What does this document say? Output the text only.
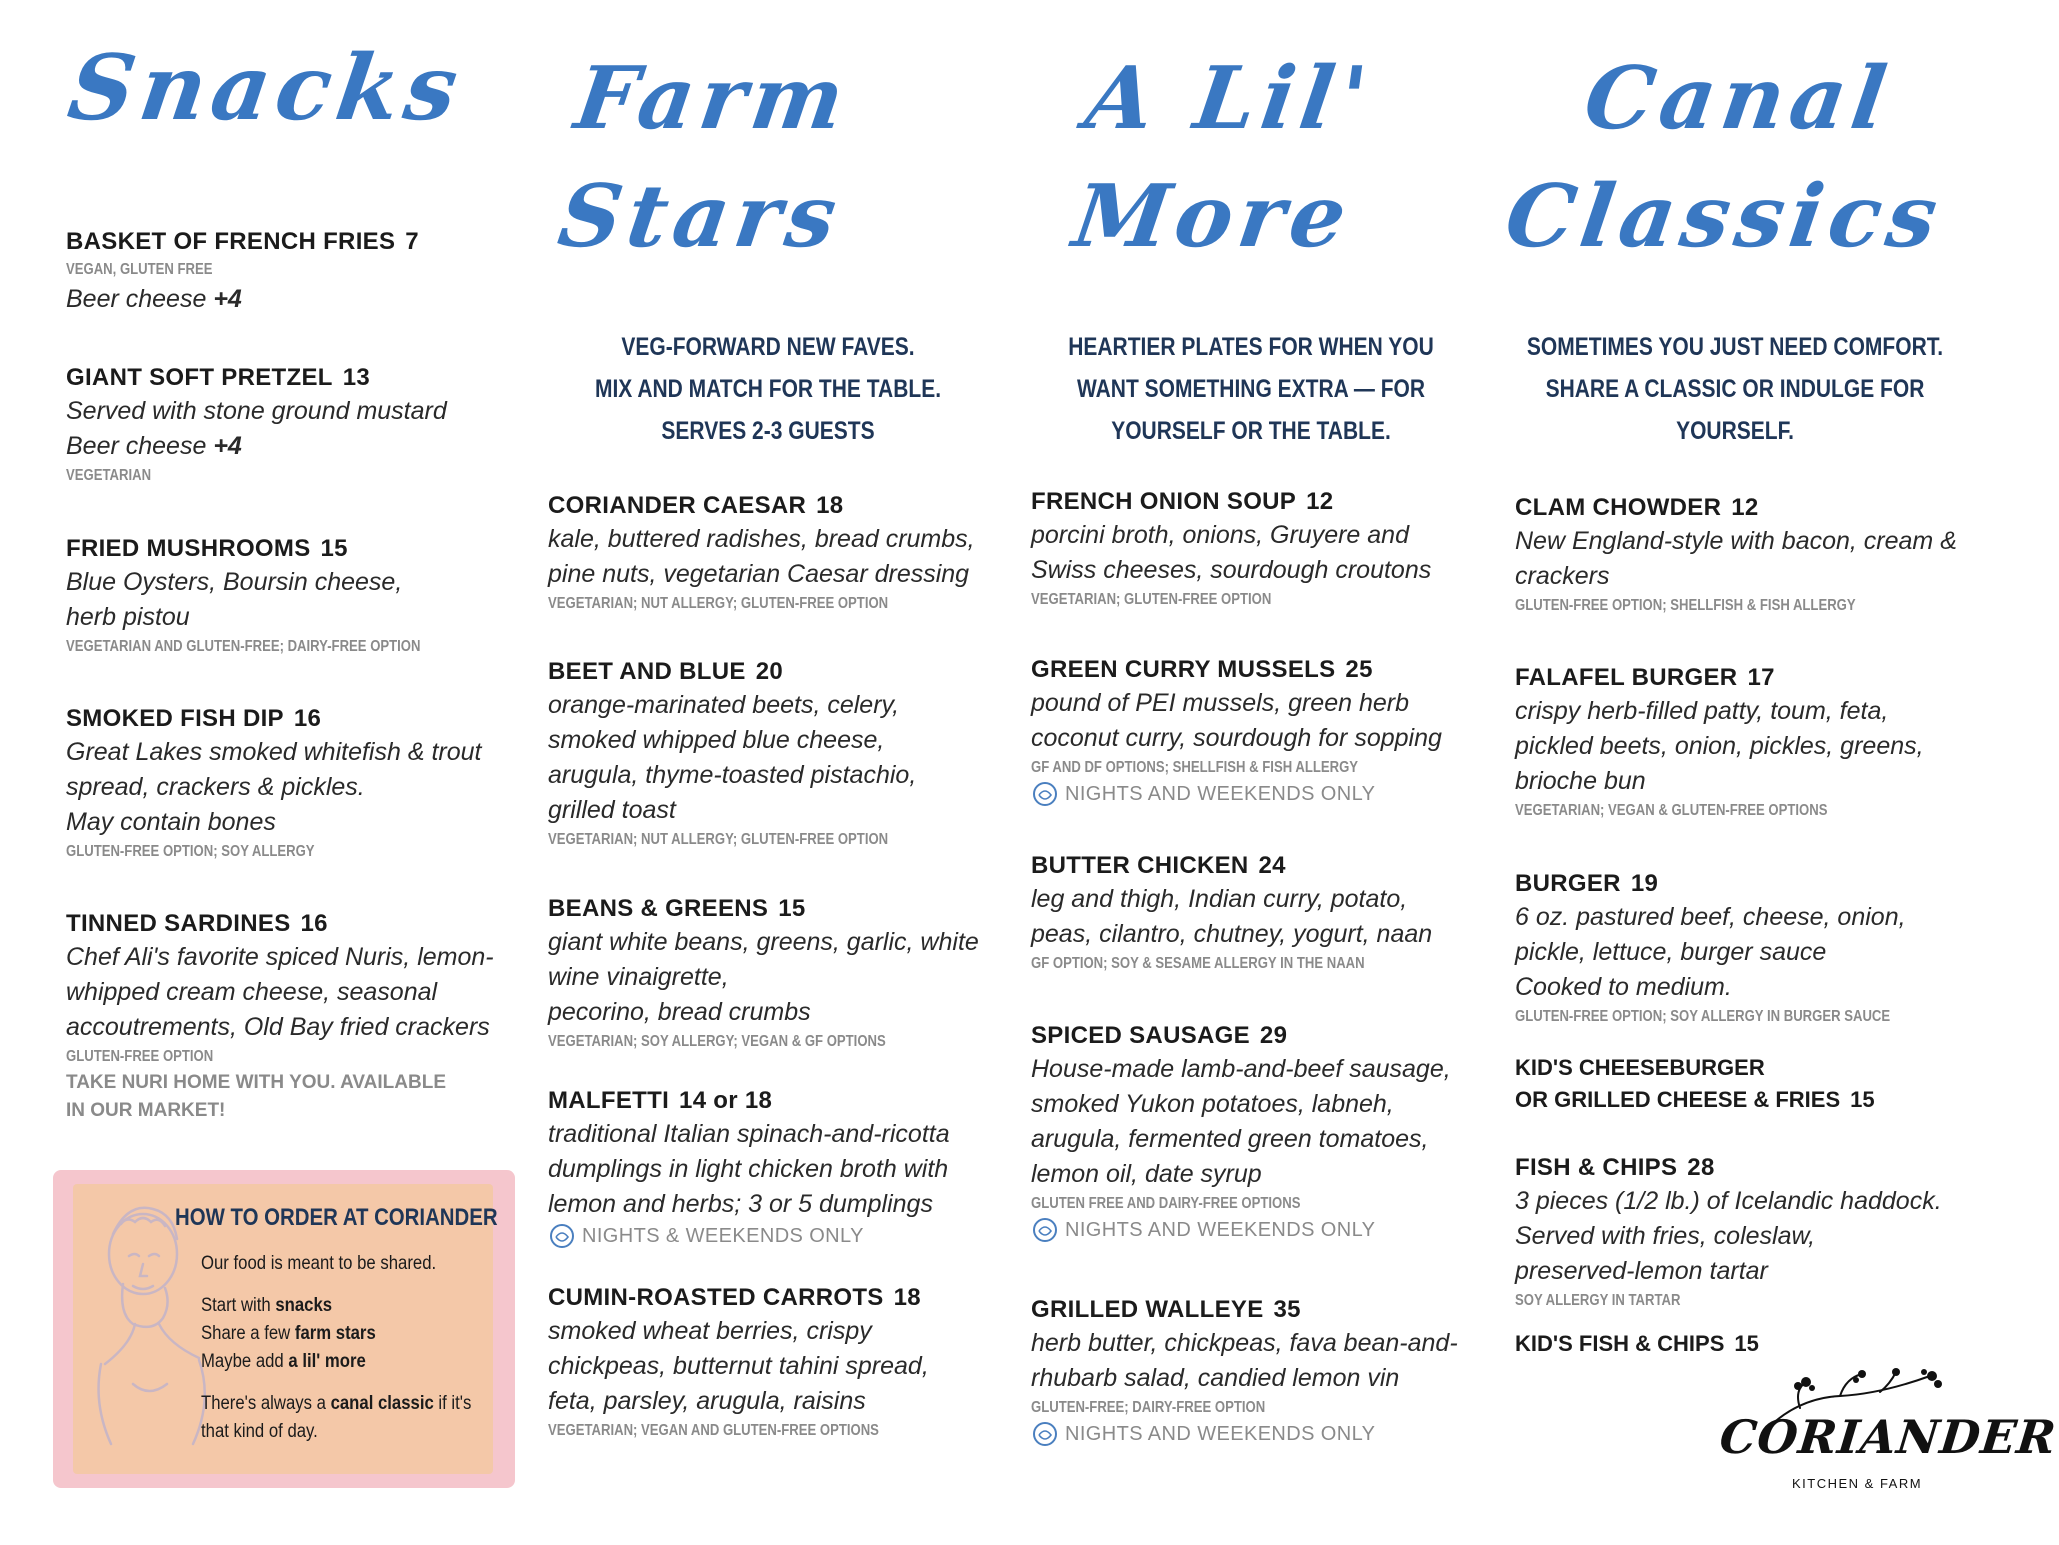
Snacks
BASKET OF FRENCH FRIES 7
VEGAN, GLUTEN FREE
Beer cheese +4
GIANT SOFT PRETZEL 13
Served with stone ground mustard
Beer cheese +4
VEGETARIAN
FRIED MUSHROOMS 15
Blue Oysters, Boursin cheese,
herb pistou
VEGETARIAN AND GLUTEN-FREE; DAIRY-FREE OPTION
SMOKED FISH DIP 16
Great Lakes smoked whitefish & trout
spread, crackers & pickles.
May contain bones
GLUTEN-FREE OPTION; SOY ALLERGY
TINNED SARDINES 16
Chef Ali's favorite spiced Nuris, lemon-
whipped cream cheese, seasonal
accoutrements, Old Bay fried crackers
GLUTEN-FREE OPTION
TAKE NURI HOME WITH YOU. AVAILABLE
IN OUR MARKET!
HOW TO ORDER AT CORIANDER
Our food is meant to be shared.
Start with snacks
Share a few farm stars
Maybe add a lil' more
There's always a canal classic if it's
that kind of day.
Farm
Stars
VEG-FORWARD NEW FAVES.
MIX AND MATCH FOR THE TABLE.
SERVES 2-3 GUESTS
CORIANDER CAESAR 18
kale, buttered radishes, bread crumbs,
pine nuts, vegetarian Caesar dressing
VEGETARIAN; NUT ALLERGY; GLUTEN-FREE OPTION
BEET AND BLUE 20
orange-marinated beets, celery,
smoked whipped blue cheese,
arugula, thyme-toasted pistachio,
grilled toast
VEGETARIAN; NUT ALLERGY; GLUTEN-FREE OPTION
BEANS & GREENS 15
giant white beans, greens, garlic, white
wine vinaigrette,
pecorino, bread crumbs
VEGETARIAN; SOY ALLERGY; VEGAN & GF OPTIONS
MALFETTI 14 or 18
traditional Italian spinach-and-ricotta
dumplings in light chicken broth with
lemon and herbs; 3 or 5 dumplings
NIGHTS & WEEKENDS ONLY
CUMIN-ROASTED CARROTS 18
smoked wheat berries, crispy
chickpeas, butternut tahini spread,
feta, parsley, arugula, raisins
VEGETARIAN; VEGAN AND GLUTEN-FREE OPTIONS
A Lil'
More
HEARTIER PLATES FOR WHEN YOU
WANT SOMETHING EXTRA — FOR
YOURSELF OR THE TABLE.
FRENCH ONION SOUP 12
porcini broth, onions, Gruyere and
Swiss cheeses, sourdough croutons
VEGETARIAN; GLUTEN-FREE OPTION
GREEN CURRY MUSSELS 25
pound of PEI mussels, green herb
coconut curry, sourdough for sopping
GF AND DF OPTIONS; SHELLFISH & FISH ALLERGY
NIGHTS AND WEEKENDS ONLY
BUTTER CHICKEN 24
leg and thigh, Indian curry, potato,
peas, cilantro, chutney, yogurt, naan
GF OPTION; SOY & SESAME ALLERGY IN THE NAAN
SPICED SAUSAGE 29
House-made lamb-and-beef sausage,
smoked Yukon potatoes, labneh,
arugula, fermented green tomatoes,
lemon oil, date syrup
GLUTEN FREE AND DAIRY-FREE OPTIONS
NIGHTS AND WEEKENDS ONLY
GRILLED WALLEYE 35
herb butter, chickpeas, fava bean-and-
rhubarb salad, candied lemon vin
GLUTEN-FREE; DAIRY-FREE OPTION
NIGHTS AND WEEKENDS ONLY
Canal
Classics
SOMETIMES YOU JUST NEED COMFORT.
SHARE A CLASSIC OR INDULGE FOR
YOURSELF.
CLAM CHOWDER 12
New England-style with bacon, cream &
crackers
GLUTEN-FREE OPTION; SHELLFISH & FISH ALLERGY
FALAFEL BURGER 17
crispy herb-filled patty, toum, feta,
pickled beets, onion, pickles, greens,
brioche bun
VEGETARIAN; VEGAN & GLUTEN-FREE OPTIONS
BURGER 19
6 oz. pastured beef, cheese, onion,
pickle, lettuce, burger sauce
Cooked to medium.
GLUTEN-FREE OPTION; SOY ALLERGY IN BURGER SAUCE
KID'S CHEESEBURGER
OR GRILLED CHEESE & FRIES 15
FISH & CHIPS 28
3 pieces (1/2 lb.) of Icelandic haddock.
Served with fries, coleslaw,
preserved-lemon tartar
SOY ALLERGY IN TARTAR
KID'S FISH & CHIPS 15
CORIANDER
KITCHEN & FARM
